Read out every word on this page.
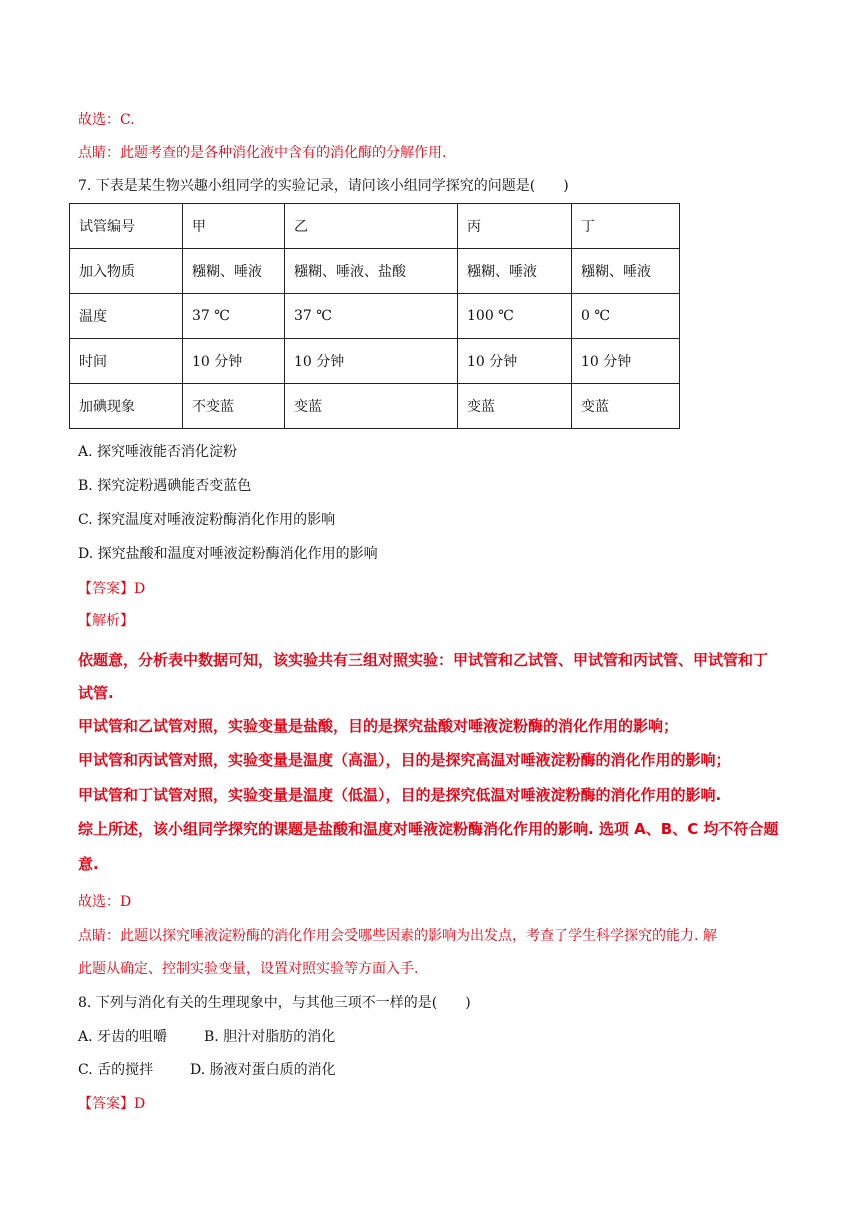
故选：C.
点睛：此题考查的是各种消化液中含有的消化酶的分解作用.
7. 下表是某生物兴趣小组同学的实验记录，请问该小组同学探究的问题是(　　)
试管编号	甲	乙	丙	丁
加入物质	糨糊、唾液	糨糊、唾液、盐酸	糨糊、唾液	糨糊、唾液
温度	37 ℃	37 ℃	100 ℃	0 ℃
时间	10 分钟	10 分钟	10 分钟	10 分钟
加碘现象	不变蓝	变蓝	变蓝	变蓝
A. 探究唾液能否消化淀粉
B. 探究淀粉遇碘能否变蓝色
C. 探究温度对唾液淀粉酶消化作用的影响
D. 探究盐酸和温度对唾液淀粉酶消化作用的影响
【答案】D
【解析】
依题意，分析表中数据可知，该实验共有三组对照实验：甲试管和乙试管、甲试管和丙试管、甲试管和丁
试管.
甲试管和乙试管对照，实验变量是盐酸，目的是探究盐酸对唾液淀粉酶的消化作用的影响；
甲试管和丙试管对照，实验变量是温度（高温），目的是探究高温对唾液淀粉酶的消化作用的影响；
甲试管和丁试管对照，实验变量是温度（低温），目的是探究低温对唾液淀粉酶的消化作用的影响.
综上所述，该小组同学探究的课题是盐酸和温度对唾液淀粉酶消化作用的影响. 选项 A、B、C 均不符合题
意.
故选：D
点睛：此题以探究唾液淀粉酶的消化作用会受哪些因素的影响为出发点，考查了学生科学探究的能力. 解
此题从确定、控制实验变量，设置对照实验等方面入手.
8. 下列与消化有关的生理现象中，与其他三项不一样的是(　　)
A. 牙齿的咀嚼	B. 胆汁对脂肪的消化
C. 舌的搅拌	D. 肠液对蛋白质的消化
【答案】D
